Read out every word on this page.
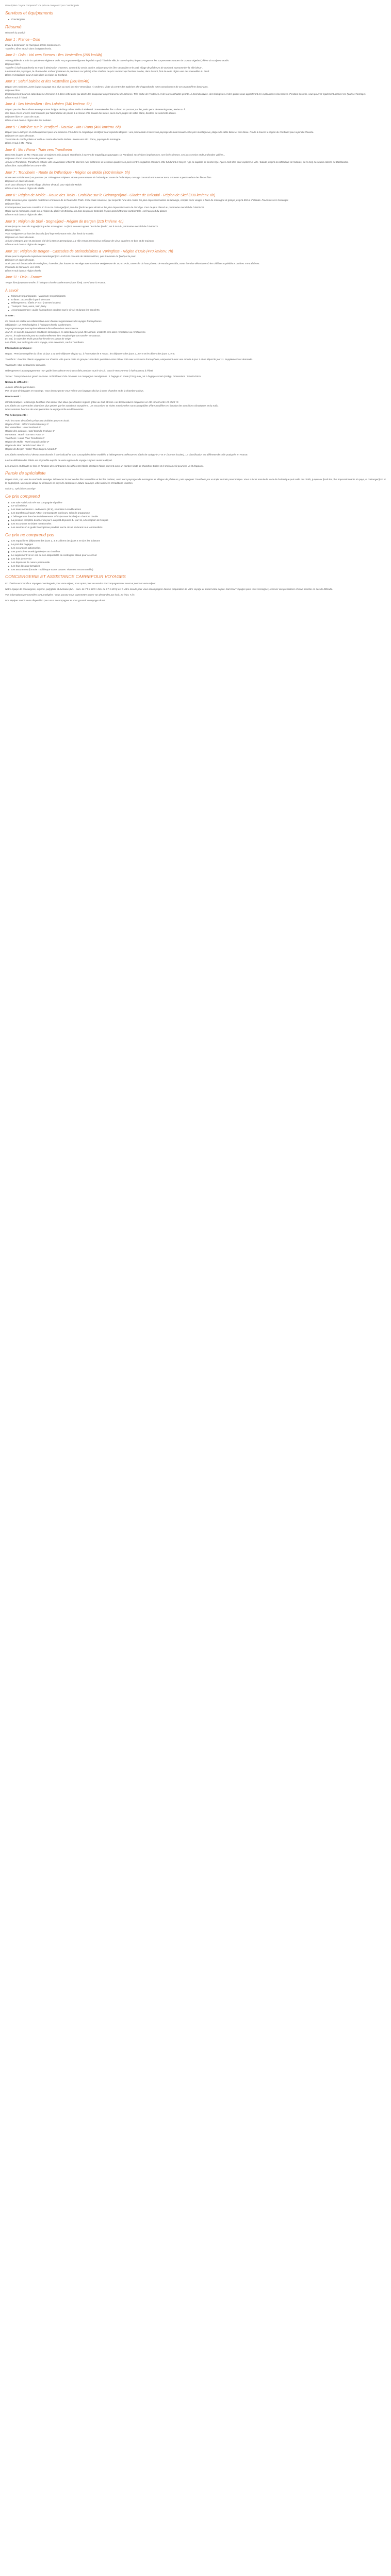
Description Ce prix comprend : Ce prix ne comprend pas Conciergerie
Services et équipements
Conciergerie
Résumé
Résumé du produit
Jour 1 : France - Oslo
Envol à destination de l'aéroport d'Oslo Gardermoen.
Transfert, dîner et nuit dans la région d'Oslo.
Jour 2 : Oslo - Vol vers Evenes - Iles Vesterålen (255 km/4h)
Visite guidée de 3 h de la capitale norvégienne Oslo. Au programme figurent le palais royal, l'hôtel de ville, le nouvel opéra, le parc Frogner et les surprenantes statues de Gustav Vigeland, élève du sculpteur Rodin.
Déjeuner libre.
Transfert à l'aéroport d'Oslo et envol à destination d'Evenes, au nord du cercle polaire. Départ pour les îles Vesterålen et le petit village de pêcheurs de Sortland, surnommée "la ville bleue".
La beauté des paysages, le charme des rorbuer (cabanes de pêcheurs sur pilotis) et les chaînes de pics rocheux qui bordent la côte, dans le vent, font de cette région une des merveilles du Nord.
Dîner et installation pour 2 nuits dans la région de Sortland.
Jour 3 : Safari baleine et Iles Vesterålen (260 km/4h)
Départ vers Andenes, porte la plus sauvage et la plus au nord des Iles Vesterålen. À Andenes, visite du centre des Baleines afin d'approfondir votre connaissance de ces mammifères fascinants.
Déjeuner libre.
Embarquement pour un safari baleine d'environ 2 h dans cette zone qui abrite des troupeaux en permanence de baleines. Très sortie de l'Andenes et de leurs cachalots géants. À bord du navire, des biologistes et des guides vous apporteront les explications nécessaires. Pendant la sortie, vous pourrez également admirer les fjords et l'archipel.
Dîner et nuit à l'hôtel.
Jour 4 : Iles Vesterålen - Iles Lofoten (340 km/env. 6h)
Départ pour les îles Lofoten en empruntant la ligne de ferry reliant Melbu à Fiskebøl. Traversée des îles Lofoten en passant par les petits ports de Henningsvær, Reine ou Å.
Ces lieux et ces univers sont marqués par l'abondance de pêche à la morue et la beauté des côtes, avec leurs plages de sable blanc, bordées de sommets acérés.
Déjeuner libre en cours de route.
Dîner et nuit dans la région des îles Lofoten.
Jour 5 : Croisière sur le Vestfjord - Rauske - Mo I Rana (400 km/env. 6h)
Départ pour Lødingen et embarquement pour une croisière d'1 h dans le magnifique Vestfjord pour rejoindre Bognes : une promenade à travers un paysage de toute beauté entre pics montagneux, plages de sable blanc et mer bleue. Route à travers la région du Nordland pour rejoindre Rauske.
Déjeuner en cours de route.
Traversée du cercle polaire et arrêt au centre du Cercle Polaire. Route vers Mo I Rana, paysage de montagne.
Dîner et nuit à Mo I Rana.
Jour 6 : Mo I Rana - Train vers Trondheim
Descente la gare de Mo I Rana pour un trajet en train jusqu'à Trondheim à travers de magnifiques paysages : le Nordland, ses rivières impétueuses, ses forêts denses, ses lacs sereins et de profondes vallées...
Déjeuner à bord sous forme de paniers repas.
Arrivée à Trondheim. Trondheim est une ville universitaire influente dont les rues piétonnes et les vieux quartiers en plein centre s'égaillent d'histoire. Elle fut durant le Moyen Age, la capitale de la Norvège. Après-midi libre pour explorer la ville : balade jusqu'à la cathédrale de Nidaros, ou le long des quais colorés de Bakklandet.
Dîner libre. Nuit à l'hôtel en centre-ville.
Jour 7 : Trondheim - Route de l'Atlantique - Région de Molde (300 km/env. 5h)
Route vers Kristiansund, en passant par Orkanger et Vinjeøra. Route panoramique de l'Atlantique : route de l'Atlantique, ouvrage construit entre mer et terre, à travers 8 ponts reliant des îles et îlots.
Déjeuner en cours de route.
Arrêt pour découvrir le petit village pêcheur de Bud, pour rejoindre Molde.
Dîner et nuit dans la région de Molde.
Jour 8 : Région de Molde - Route des Trolls - Croisière sur le Geirangerfjord - Glacier de Briksdal - Région de Skei (330 km/env. 6h)
Petite traversée pour rejoindre Åndalsnes et montée de la Route des Trolls. Cette route sinueuse, qui serpente l'une des routes les plus impressionnantes de Norvège, compte onze virages à flanc de montagne et grimpe jusqu'à 850 m d'altitude. Poursuite vers Geiranger.
Déjeuner libre.
Embarquement pour une croisière d'1 h sur le Geirangerfjord, l'un des fjords les plus étroits et les plus impressionnants de Norvège. Il est de plus classé au patrimoine mondial de l'UNESCO.
Route par la montagne, route sur la région du glacier de Briksdal, un bras du glacier Jostedal, le plus grand d'Europe continentale. Arrêt au pied du glacier.
Dîner et nuit dans la région de Skei.
Jour 9 : Région de Skei - Sognefjord - Région de Bergen (215 km/env. 4h)
Route jusqu'au rives du Sognefjord que les montagnes. Le fjord, souvent appelé "le roi des fjords", est à tout du patrimoine mondial de l'UNESCO.
Déjeuner libre.
Vous naviguerez sur l'un des bras du fjord impressionnant et le plus étroit du monde.
Déjeuner en cours de route.
Arrivée à Bergen, port et ancienne cité de la Hanse germanique. La ville est un harmonieux mélange de vieux quartiers en bois et de maisons.
Dîner et nuit dans la région de Bergen.
Jour 10 : Région de Bergen - Cascades de Steinsdalsfoss & Vøringfoss - Région d'Oslo (470 km/env. 7h)
Route pour la région du majestueux Hardangerfjord. Arrêt à la cascade de Steinsdalsfoss, puis traversée du fjord par le pont.
Déjeuner en cours de route.
Arrêt pour voir la cascade de Vøringfoss, l'une des plus hautes de Norvège avec sa chute vertigineuse de 182 m. Puis, traversée du haut plateau de Hardangervidda, vaste étendue désertique où les célèbres expéditions polaires s'entraînèrent.
Poursuite de l'itinéraire vers Oslo.
Dîner et nuit dans la région d'Oslo.
Jour 11 : Oslo - France
Temps libre jusqu'au transfert à l'aéroport d'Oslo Gardermoen (sans libre). Envol pour la France.
À savoir
Minimum: 2 participants - Maximum: 45 participants
Enfants : accessible à partir de 8 ans
Hébergement : hôtels 3* et 4* (normes locales)
Transport : bus, avion, train, ferry
Accompagnement : guide francophone pendant tout le circuit et durant les transferts
À noter :
Ce circuit est réalisé en collaboration avec d'autres organisateurs de voyages francophones.
Obligatoire : un test d'antigène à l'aéroport d'Oslo Gardermoen.
Le programme peut exceptionnellement être effectué en sens inverse.
Jour 3 : en cas de mauvaises conditions climatiques, le safari baleine peut être annulé. L'activité sera alors remplacée ou remboursée.
Jour 6 : le trajet en train peut exceptionnellement être remplacé par un transfert en autocar.
En mai, la route des Trolls peut être fermée en raison de neige.
Les hôtels, tout au long de votre voyage, sont excentrés, sauf à Trondheim.
Informations pratiques :
Repas : Pension complète du dîner du jour 1 au petit-déjeuner du jour 11, à l'exception de 5 repas : les déjeuners des jours 2, 3 et 8 et les dîners des jours 4, et 6.
Transferts : Pour les clients voyageant sur d'autres vols que le reste du groupe : transferts possibles entre 08h et 23h avec assistance francophone, uniquement avec une arrivée le jour 1 et un départ le jour 11. Supplément sur demande.
Transports : Bus de tourisme climatisé.
Hébergement / accompagnement : Un guide francophone est à vos côtés pendant tout le circuit. Vous le rencontrerez à l'aéroport ou à l'hôtel.
Tenue : Transport en bus grand tourisme. Vol intérieur Oslo / Evenes sur compagnie norvégienne : 1 bagage en soute (23 kg max.) et 1 bagage à main (10 kg). Dimensions : 55x40x20cm.
Niveau de difficulté :
Aucune difficulté particulière.
Pas de port de bagages en Norvège. Vous devrez porter vous-même vos bagages du bus à votre chambre et de la chambre au bus.
Bon à savoir :
Climat nordique : la Norvège bénéficie d'un climat plus doux que d'autres régions grâce au Gulf Stream. Les températures moyennes en été varient entre 15 et 25 °C.
Les hôtels ont souvent des chambres plus petites que les standards européens. Les excursions et visites mentionnées sont susceptibles d'être modifiées en fonction des conditions climatiques et du trafic.
Nous sommes heureux de vous présenter ce voyage riche en découvertes.
Vos hébergements :
Voici les noms des hôtels prévus ou similaires pour ce circuit :
Région d'Oslo : Hôtel Comfort Runway 3*
Îles Vesterålen : Hotel Sortland 3*
Région des Lofoten : Hotel Scandic Svolvaer 3*
Mo I Rana : Hotel Thon Mo I Rana 3*
Trondheim : Hotel Thon Trondheim 3*
Région de Molde : Hotel Scandic Seilet 3*
Région de Skei : Hotel Grand Skei 3*
Région de Bergen : Hotel Thon Bergen Airport 4*
Les hôtels mentionnés ci-dessus sont donnés à titre indicatif et sont susceptibles d'être modifiés. L'hébergement s'effectue en hôtels de catégorie 3* et 4* (normes locales). La classification est différente de celle pratiquée en France.
La liste définitive des hôtels est disponible auprès de votre agence de voyage 15 jours avant le départ.
Les arrivées et départs se font en fonction des contraintes des différents hôtels. Certains hôtels peuvent avoir un nombre limité de chambres triples et le troisième lit peut être un lit d'appoint.
Parole de spécialiste
Depuis Oslo, cap vers le nord de la Norvège. Découvrez la mer ou des îles Vesterålen et les îles Lofoten, avec leurs paysages de montagnes et villages de pêcheurs, puis rejoignez Trondheim par un trajet en train panoramique. Vous suivrez ensuite la route de l'Atlantique puis celle des Trolls, jusqu'aux fjords les plus impressionnants du pays, le Geirangerfjord et le Sognefjord. Une façon idéale de découvrir ce pays de contrastes : nature sauvage, villes animées et traditions vivantes.
Guide 1, spécialiste Norvège
Ce prix comprend
Les vols Paris/Oslo A/R sur compagnie régulière
Le vol intérieur
Les taxes aériennes + redevance (62 €), soumises à modifications
Les transferts aéroport A/R et les transports intérieurs, selon le programme
L'hébergement dans les établissements 3*/4* (normes locales) en chambre double
La pension complète du dîner du jour 1 au petit-déjeuner du jour 11, à l'exception de 5 repas
Les excursions et visites mentionnées
Les services d'un guide francophone pendant tout le circuit et durant tous les transferts
Ce prix ne comprend pas
Les repas libres (déjeuners des jours 2, 3, 8 ; dîners des jours 4 et 6) et les boissons
Le port des bagages
Les excursions optionnelles
Les pourboires usuels (guides) et au chauffeur
Le supplément vol en cas de non-disponibilité du contingent alloué pour ce circuit
Les frais de service
Les dépenses de nature personnelle
Les frais liés aux formalités
Les assurances (formule "multirisque toutes causes" vivement recommandée)
CONCIERGERIE ET ASSISTANCE CARREFOUR VOYAGES
En choisissant Carrefour Voyages Conciergerie pour votre séjour, vous optez pour un service d'accompagnement avant et pendant votre séjour.
Notre équipe de conciergerie, experte, polyglotte et humaine (lun. - sam. de 7 h à 20 h / dim. de 8 h à 20 h) est à votre écoute pour vous accompagner dans la préparation de votre voyage et durant votre séjour. Carrefour Voyages pour vous renseigner, réserver vos prestations et vous assister en cas de difficulté.
Vos informations personnelles sont protégées : vous pouvez nous transmettre toutes vos demandes par écrit, 24 h/24, 7 j/7.
Nos équipes sont à votre disposition pour vous accompagner et vous garantir un voyage réussi.
